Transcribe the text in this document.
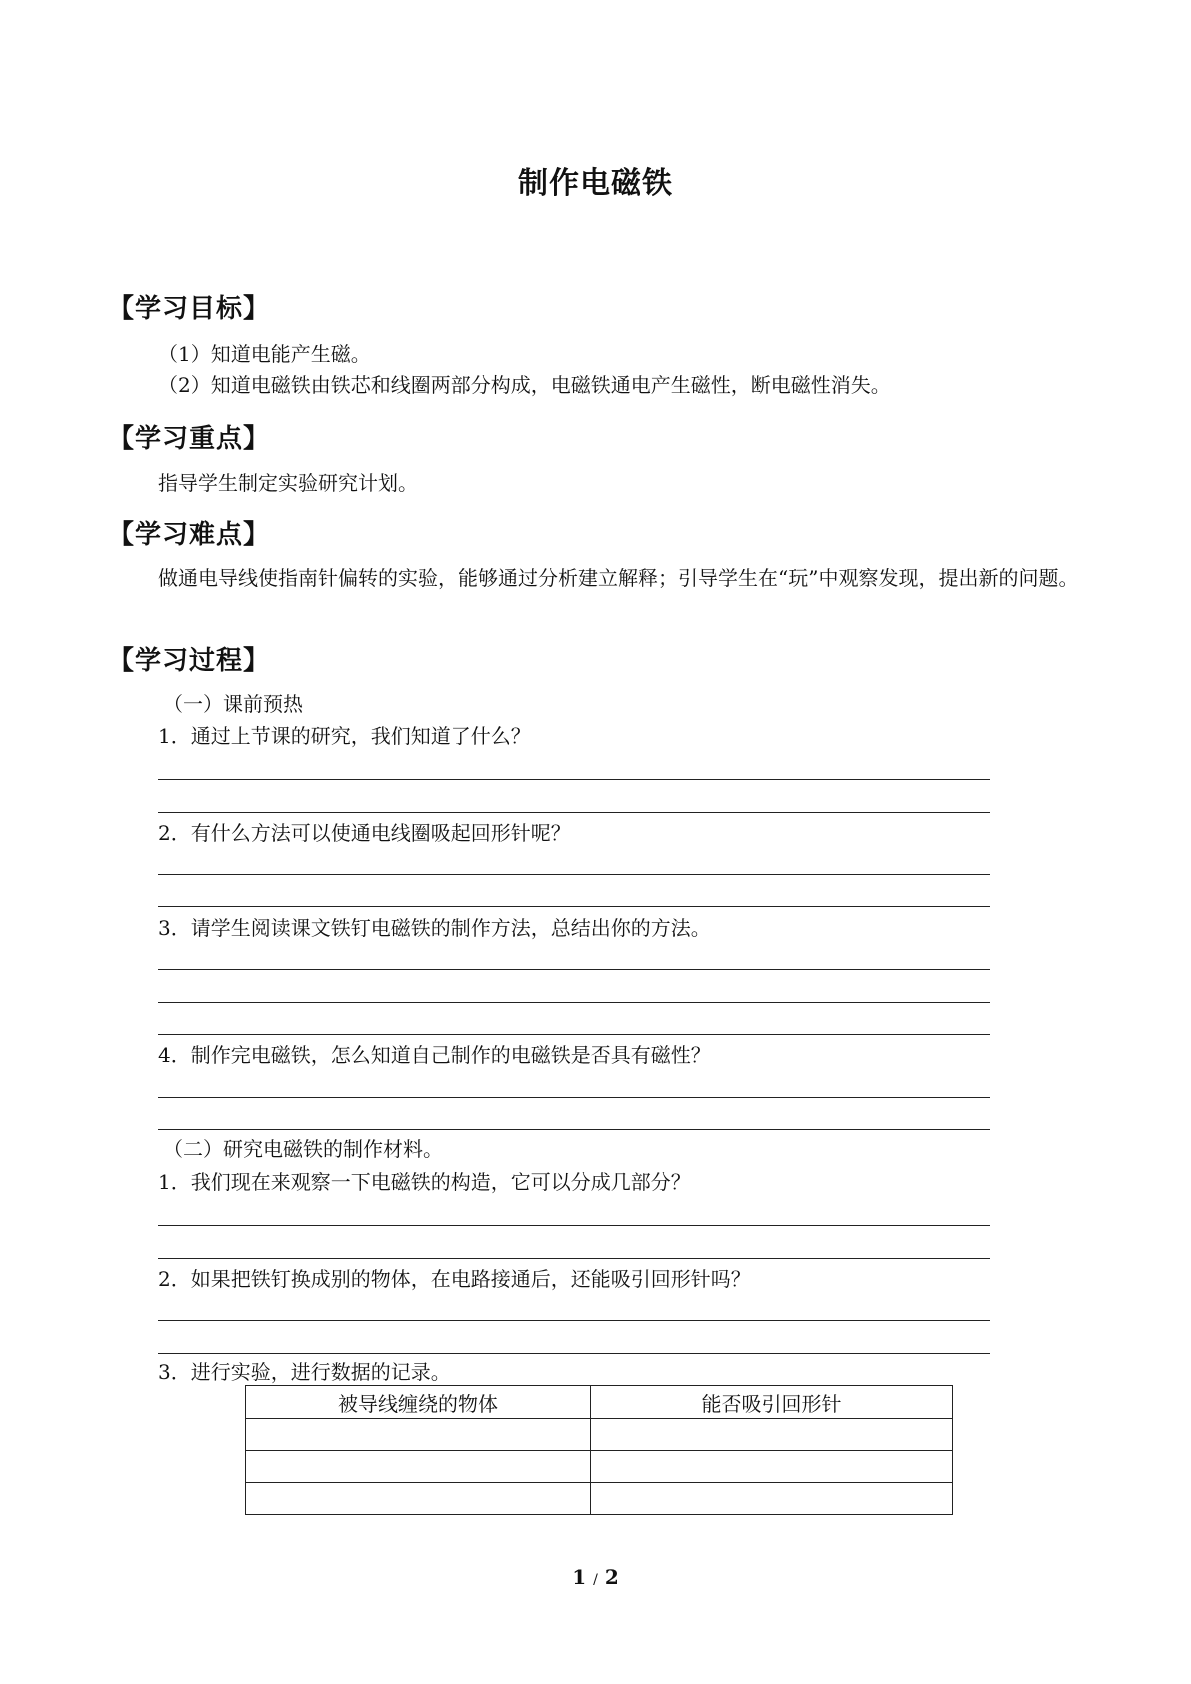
制作电磁铁
【学习目标】
（1）知道电能产生磁。
（2）知道电磁铁由铁芯和线圈两部分构成，电磁铁通电产生磁性，断电磁性消失。
【学习重点】
指导学生制定实验研究计划。
【学习难点】
做通电导线使指南针偏转的实验，能够通过分析建立解释；引导学生在“玩”中观察发现，提出新的问题。
【学习过程】
（一）课前预热
1．通过上节课的研究，我们知道了什么？
2．有什么方法可以使通电线圈吸起回形针呢？
3．请学生阅读课文铁钉电磁铁的制作方法，总结出你的方法。
4．制作完电磁铁，怎么知道自己制作的电磁铁是否具有磁性？
（二）研究电磁铁的制作材料。
1．我们现在来观察一下电磁铁的构造，它可以分成几部分？
2．如果把铁钉换成别的物体，在电路接通后，还能吸引回形针吗？
3．进行实验，进行数据的记录。
被导线缠绕的物体	能否吸引回形针

1 / 2
